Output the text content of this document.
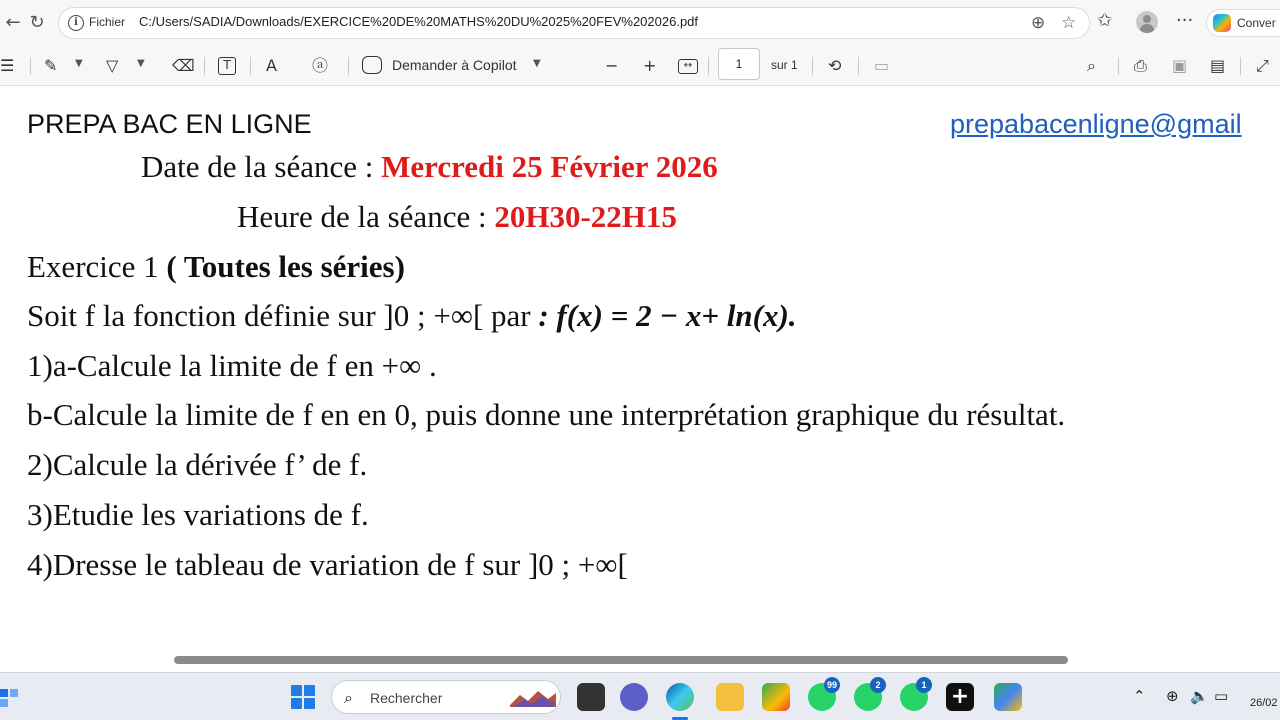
← ↻	i Fichier C:/Users/SADIA/Downloads/EXERCICE%20DE%20MATHS%20DU%2025%20FEV%202026.pdf	⊕ ☆ ✩	···	Conver
☰ ✎ ▼ ▽ ▼ ⌫	T	A ⓐ	Demander à Copilot ▼	− +	↔	⟲ ▭	⌕ ⎙ ▣ ▤ ⤢
1	sur 1
PREPA BAC EN LIGNE	prepabacenligne@gmail
Date de la séance : Mercredi 25 Février 2026
Heure de la séance : 20H30-22H15
Exercice 1 ( Toutes les séries)
Soit f la fonction définie sur ]0 ; +∞[ par : f(x) = 2 − x+ ln(x).
1)a-Calcule la limite de f en +∞ .
b-Calcule la limite de f en en 0, puis donne une interprétation graphique du résultat.
2)Calcule la dérivée f’ de f.
3)Etudie les variations de f.
4)Dresse le tableau de variation de f sur ]0 ; +∞[
⌕ Rechercher
99	2	1 +	⌃ ⊕ 🔈 ▭ 26/02
